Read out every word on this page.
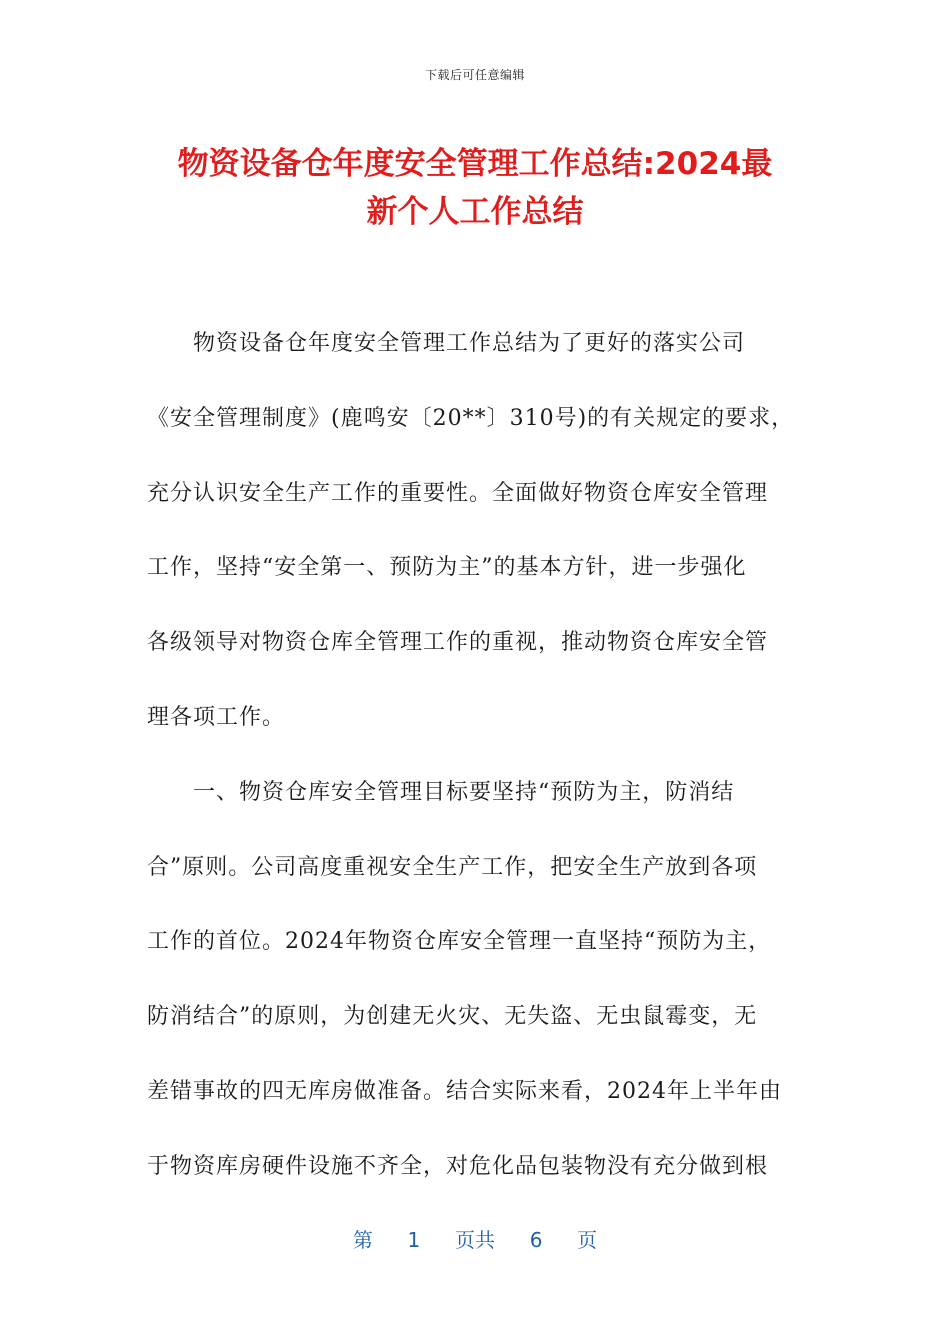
下载后可任意编辑
物资设备仓年度安全管理工作总结:2024最
新个人工作总结
物资设备仓年度安全管理工作总结为了更好的落实公司
《安全管理制度》(鹿鸣安〔20**〕310号)的有关规定的要求，
充分认识安全生产工作的重要性。全面做好物资仓库安全管理
工作，坚持“安全第一、预防为主”的基本方针，进一步强化
各级领导对物资仓库全管理工作的重视，推动物资仓库安全管
理各项工作。
一、物资仓库安全管理目标要坚持“预防为主，防消结
合”原则。公司高度重视安全生产工作，把安全生产放到各项
工作的首位。2024年物资仓库安全管理一直坚持“预防为主，
防消结合”的原则，为创建无火灾、无失盗、无虫鼠霉变，无
差错事故的四无库房做准备。结合实际来看，2024年上半年由
于物资库房硬件设施不齐全，对危化品包装物没有充分做到根
第 1 页共 6 页
